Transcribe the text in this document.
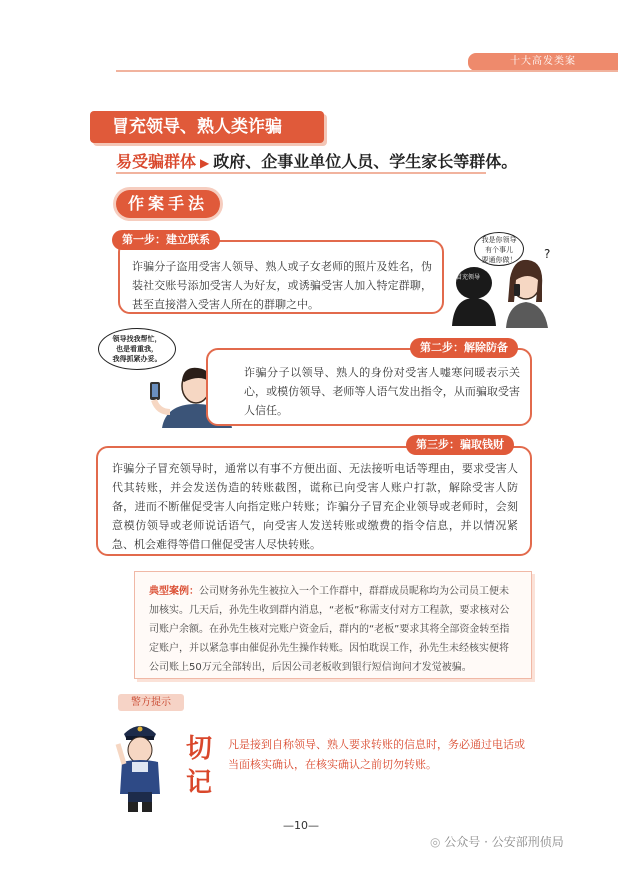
十大高发类案
冒充领导、熟人类诈骗
易受骗群体 ▶ 政府、企事业单位人员、学生家长等群体。
作案手法
第一步：建立联系
诈骗分子盗用受害人领导、熟人或子女老师的照片及姓名，伪装社交账号添加受害人为好友，或诱骗受害人加入特定群聊，甚至直接潜入受害人所在的群聊之中。
?
我是你领导
有个事儿
要通你做！
冒充领导
领导找我帮忙，
也是看重我，
我得抓紧办妥。
第二步：解除防备
诈骗分子以领导、熟人的身份对受害人嘘寒问暖表示关心，或模仿领导、老师等人语气发出指令，从而骗取受害人信任。
第三步：骗取钱财
诈骗分子冒充领导时，通常以有事不方便出面、无法接听电话等理由，要求受害人代其转账，并会发送伪造的转账截图，谎称已向受害人账户打款，解除受害人防备，进而不断催促受害人向指定账户转账；诈骗分子冒充企业领导或老师时，会刻意模仿领导或老师说话语气，向受害人发送转账或缴费的指令信息，并以情况紧急、机会难得等借口催促受害人尽快转账。
典型案例：公司财务孙先生被拉入一个工作群中，群群成员昵称均为公司员工便未加核实。几天后，孙先生收到群内消息，“老板”称需支付对方工程款，要求核对公司账户余额。在孙先生核对完账户资金后，群内的“老板”要求其将全部资金转至指定账户，并以紧急事由催促孙先生操作转账。因怕耽误工作，孙先生未经核实便将公司账上50万元全部转出，后因公司老板收到银行短信询问才发觉被骗。
警方提示
切
记
凡是接到自称领导、熟人要求转账的信息时，务必通过电话或当面核实确认，在核实确认之前切勿转账。
—10—
◎ 公众号 · 公安部刑侦局
